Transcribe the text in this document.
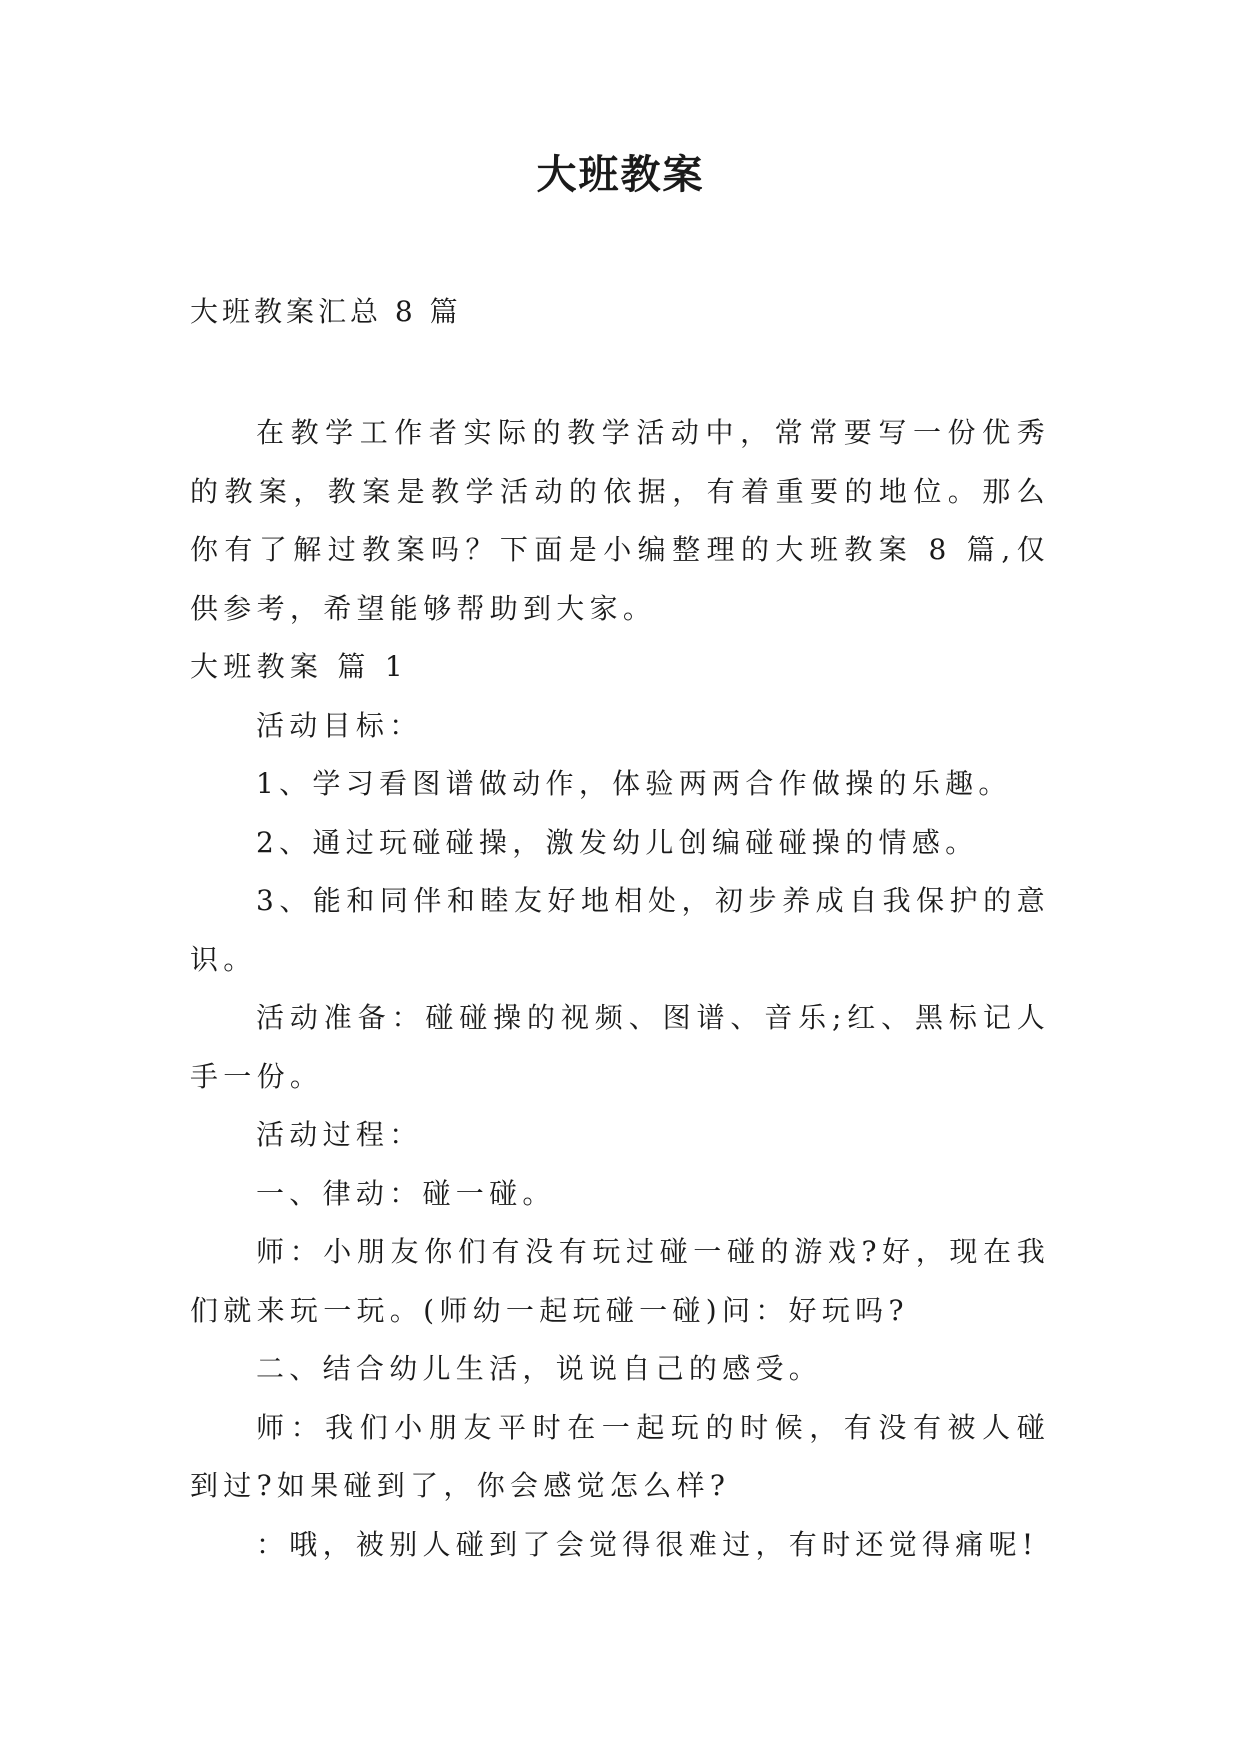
大班教案
大班教案汇总 8 篇

在教学工作者实际的教学活动中，常常要写一份优秀的教案，教案是教学活动的依据，有着重要的地位。那么你有了解过教案吗？下面是小编整理的大班教案 8 篇,仅供参考，希望能够帮助到大家。

大班教案 篇 1

活动目标：

1、学习看图谱做动作，体验两两合作做操的乐趣。

2、通过玩碰碰操，激发幼儿创编碰碰操的情感。

3、能和同伴和睦友好地相处，初步养成自我保护的意识。

活动准备：碰碰操的视频、图谱、音乐;红、黑标记人手一份。

活动过程：

一、律动：碰一碰。

师：小朋友你们有没有玩过碰一碰的游戏?好，现在我们就来玩一玩。(师幼一起玩碰一碰)问：好玩吗?

二、结合幼儿生活，说说自己的感受。

师：我们小朋友平时在一起玩的时候，有没有被人碰到过?如果碰到了，你会感觉怎么样?

：哦，被别人碰到了会觉得很难过，有时还觉得痛呢!
